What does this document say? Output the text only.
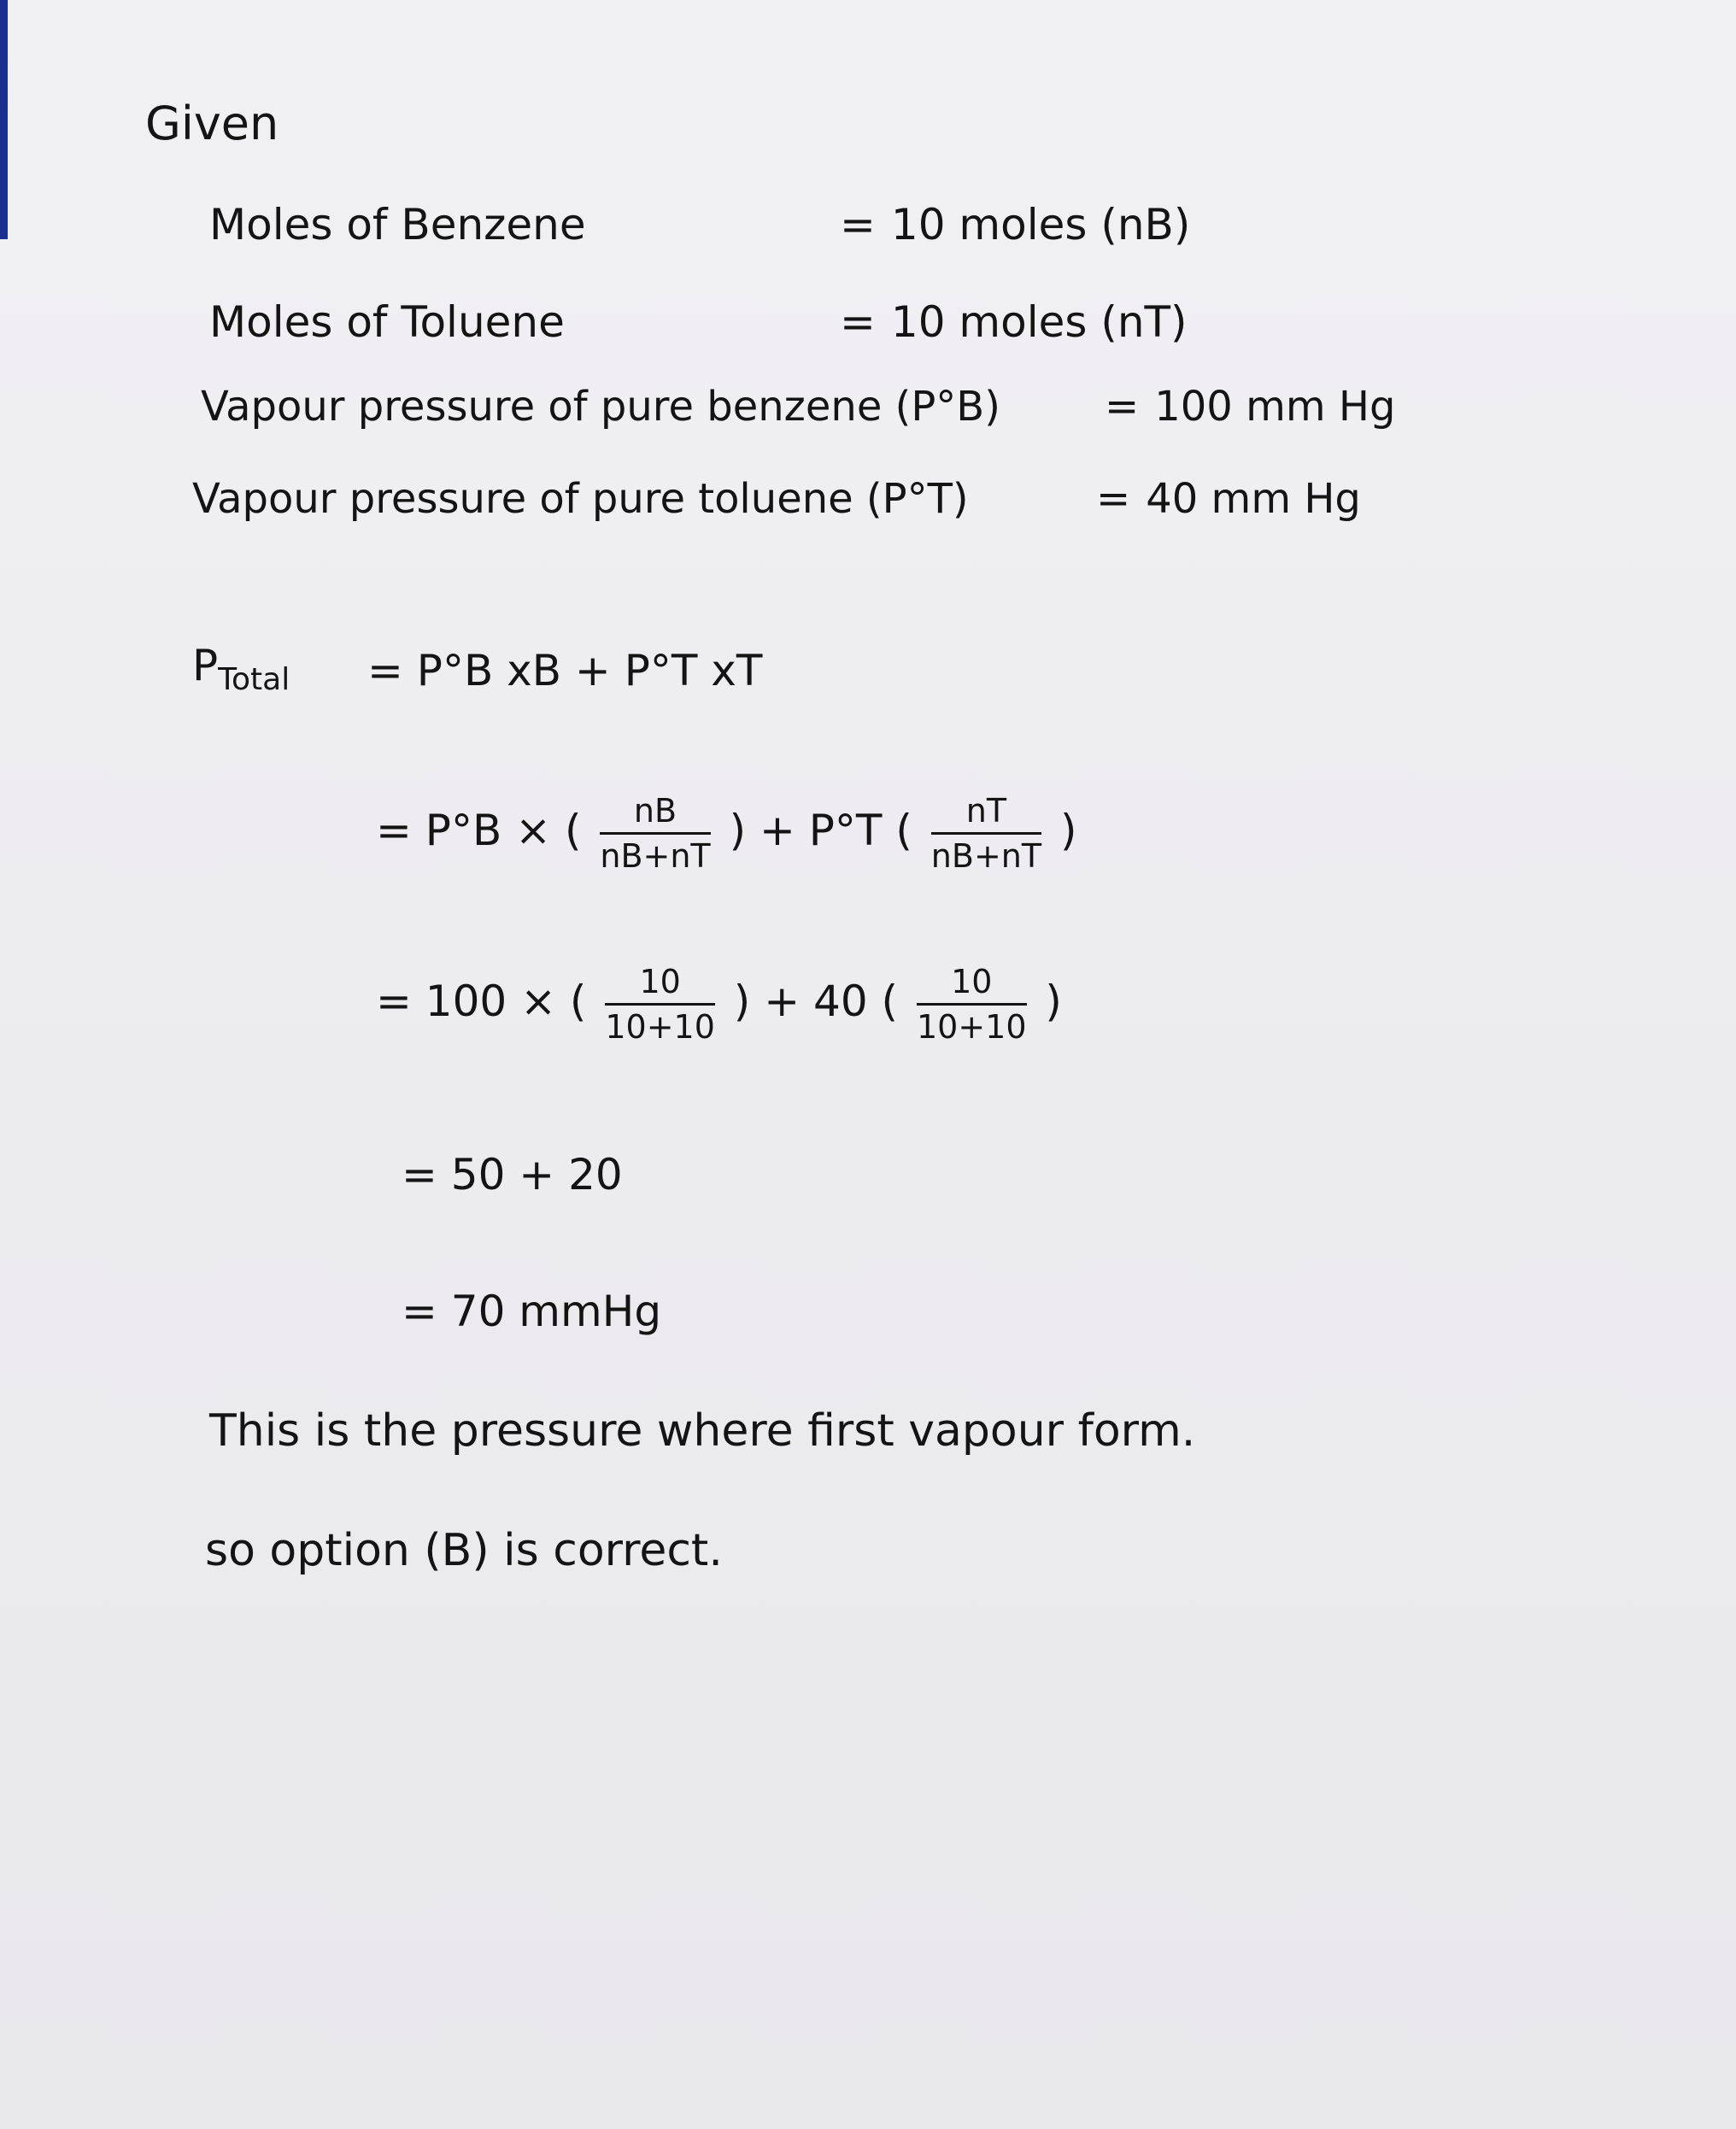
Given
Moles of Benzene	= 10 moles (nB)
Moles of Toluene	= 10 moles (nT)
Vapour pressure of pure benzene (P°B)	= 100 mm Hg
Vapour pressure of pure toluene (P°T)	= 40 mm Hg
$P_{Total} = P^\circ B$ xB + P°T xT
= P°B × ( $\frac{nB}{nB+nT}$ ) + P°T ( $\frac{nT}{nB+nT}$ )
= 100 × ( $\frac{10}{10+10}$ ) + 40 ( $\frac{10}{10+10}$ )
= 50 + 20
= 70 mmHg
This is the pressure where first vapour form.
so option (B) is correct.
